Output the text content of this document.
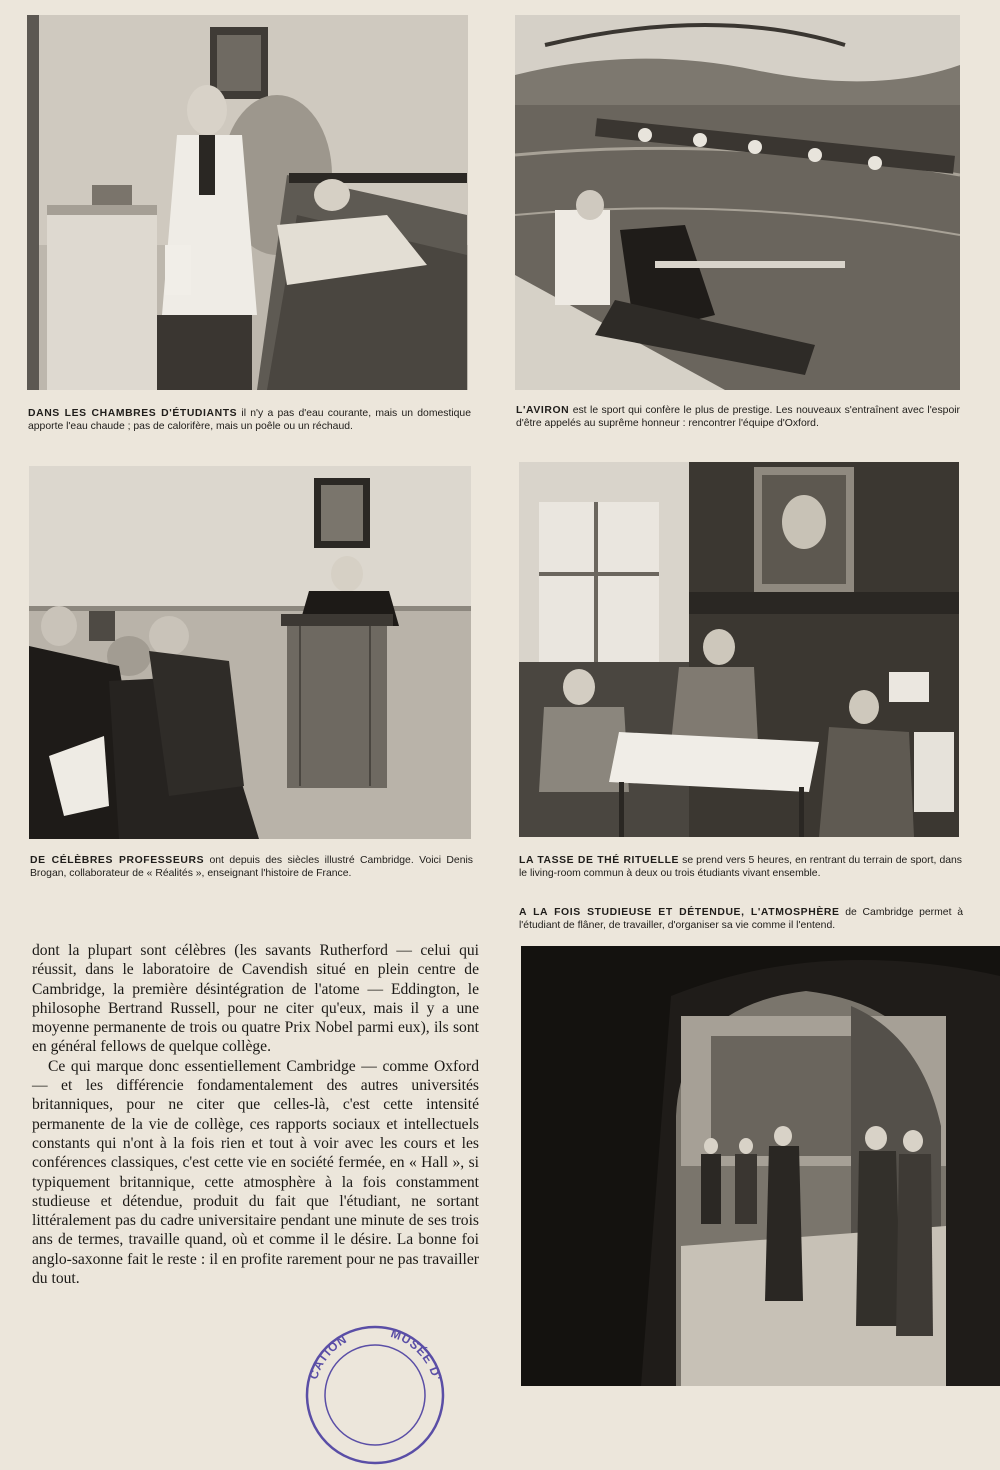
DANS LES CHAMBRES D'ÉTUDIANTS il n'y a pas d'eau courante, mais un domestique apporte l'eau chaude ; pas de calorifère, mais un poêle ou un réchaud.
L'AVIRON est le sport qui confère le plus de prestige. Les nouveaux s'entraînent avec l'espoir d'être appelés au suprême honneur : rencontrer l'équipe d'Oxford.
DE CÉLÈBRES PROFESSEURS ont depuis des siècles illustré Cambridge. Voici Denis Brogan, collaborateur de « Réalités », enseignant l'histoire de France.
LA TASSE DE THÉ RITUELLE se prend vers 5 heures, en rentrant du terrain de sport, dans le living-room commun à deux ou trois étudiants vivant ensemble.
A LA FOIS STUDIEUSE ET DÉTENDUE, L'ATMOSPHÈRE de Cambridge permet à l'étudiant de flâner, de travailler, d'organiser sa vie comme il l'entend.

dont la plupart sont célèbres (les savants Rutherford — celui qui réussit, dans le laboratoire de Cavendish situé en plein centre de Cambridge, la première désintégration de l'atome — Eddington, le philosophe Bertrand Russell, pour ne citer qu'eux, mais il y a une moyenne permanente de trois ou quatre Prix Nobel parmi eux), ils sont en général fellows de quelque collège.

Ce qui marque donc essentiellement Cambridge — comme Oxford — et les différencie fondamentalement des autres universités britanniques, pour ne citer que celles-là, c'est cette intensité permanente de la vie de collège, ces rapports sociaux et intellectuels constants qui n'ont à la fois rien et tout à voir avec les cours et les conférences classiques, c'est cette vie en société fermée, en « Hall », si typiquement britannique, cette atmosphère à la fois constamment studieuse et détendue, produit du fait que l'étudiant, ne sortant littéralement pas du cadre universitaire pendant une minute de ses trois ans de termes, travaille quand, où et comme il le désire. La bonne foi anglo-saxonne fait le reste : il en profite rarement pour ne pas travailler du tout.

CATION	MUSÉE D'
